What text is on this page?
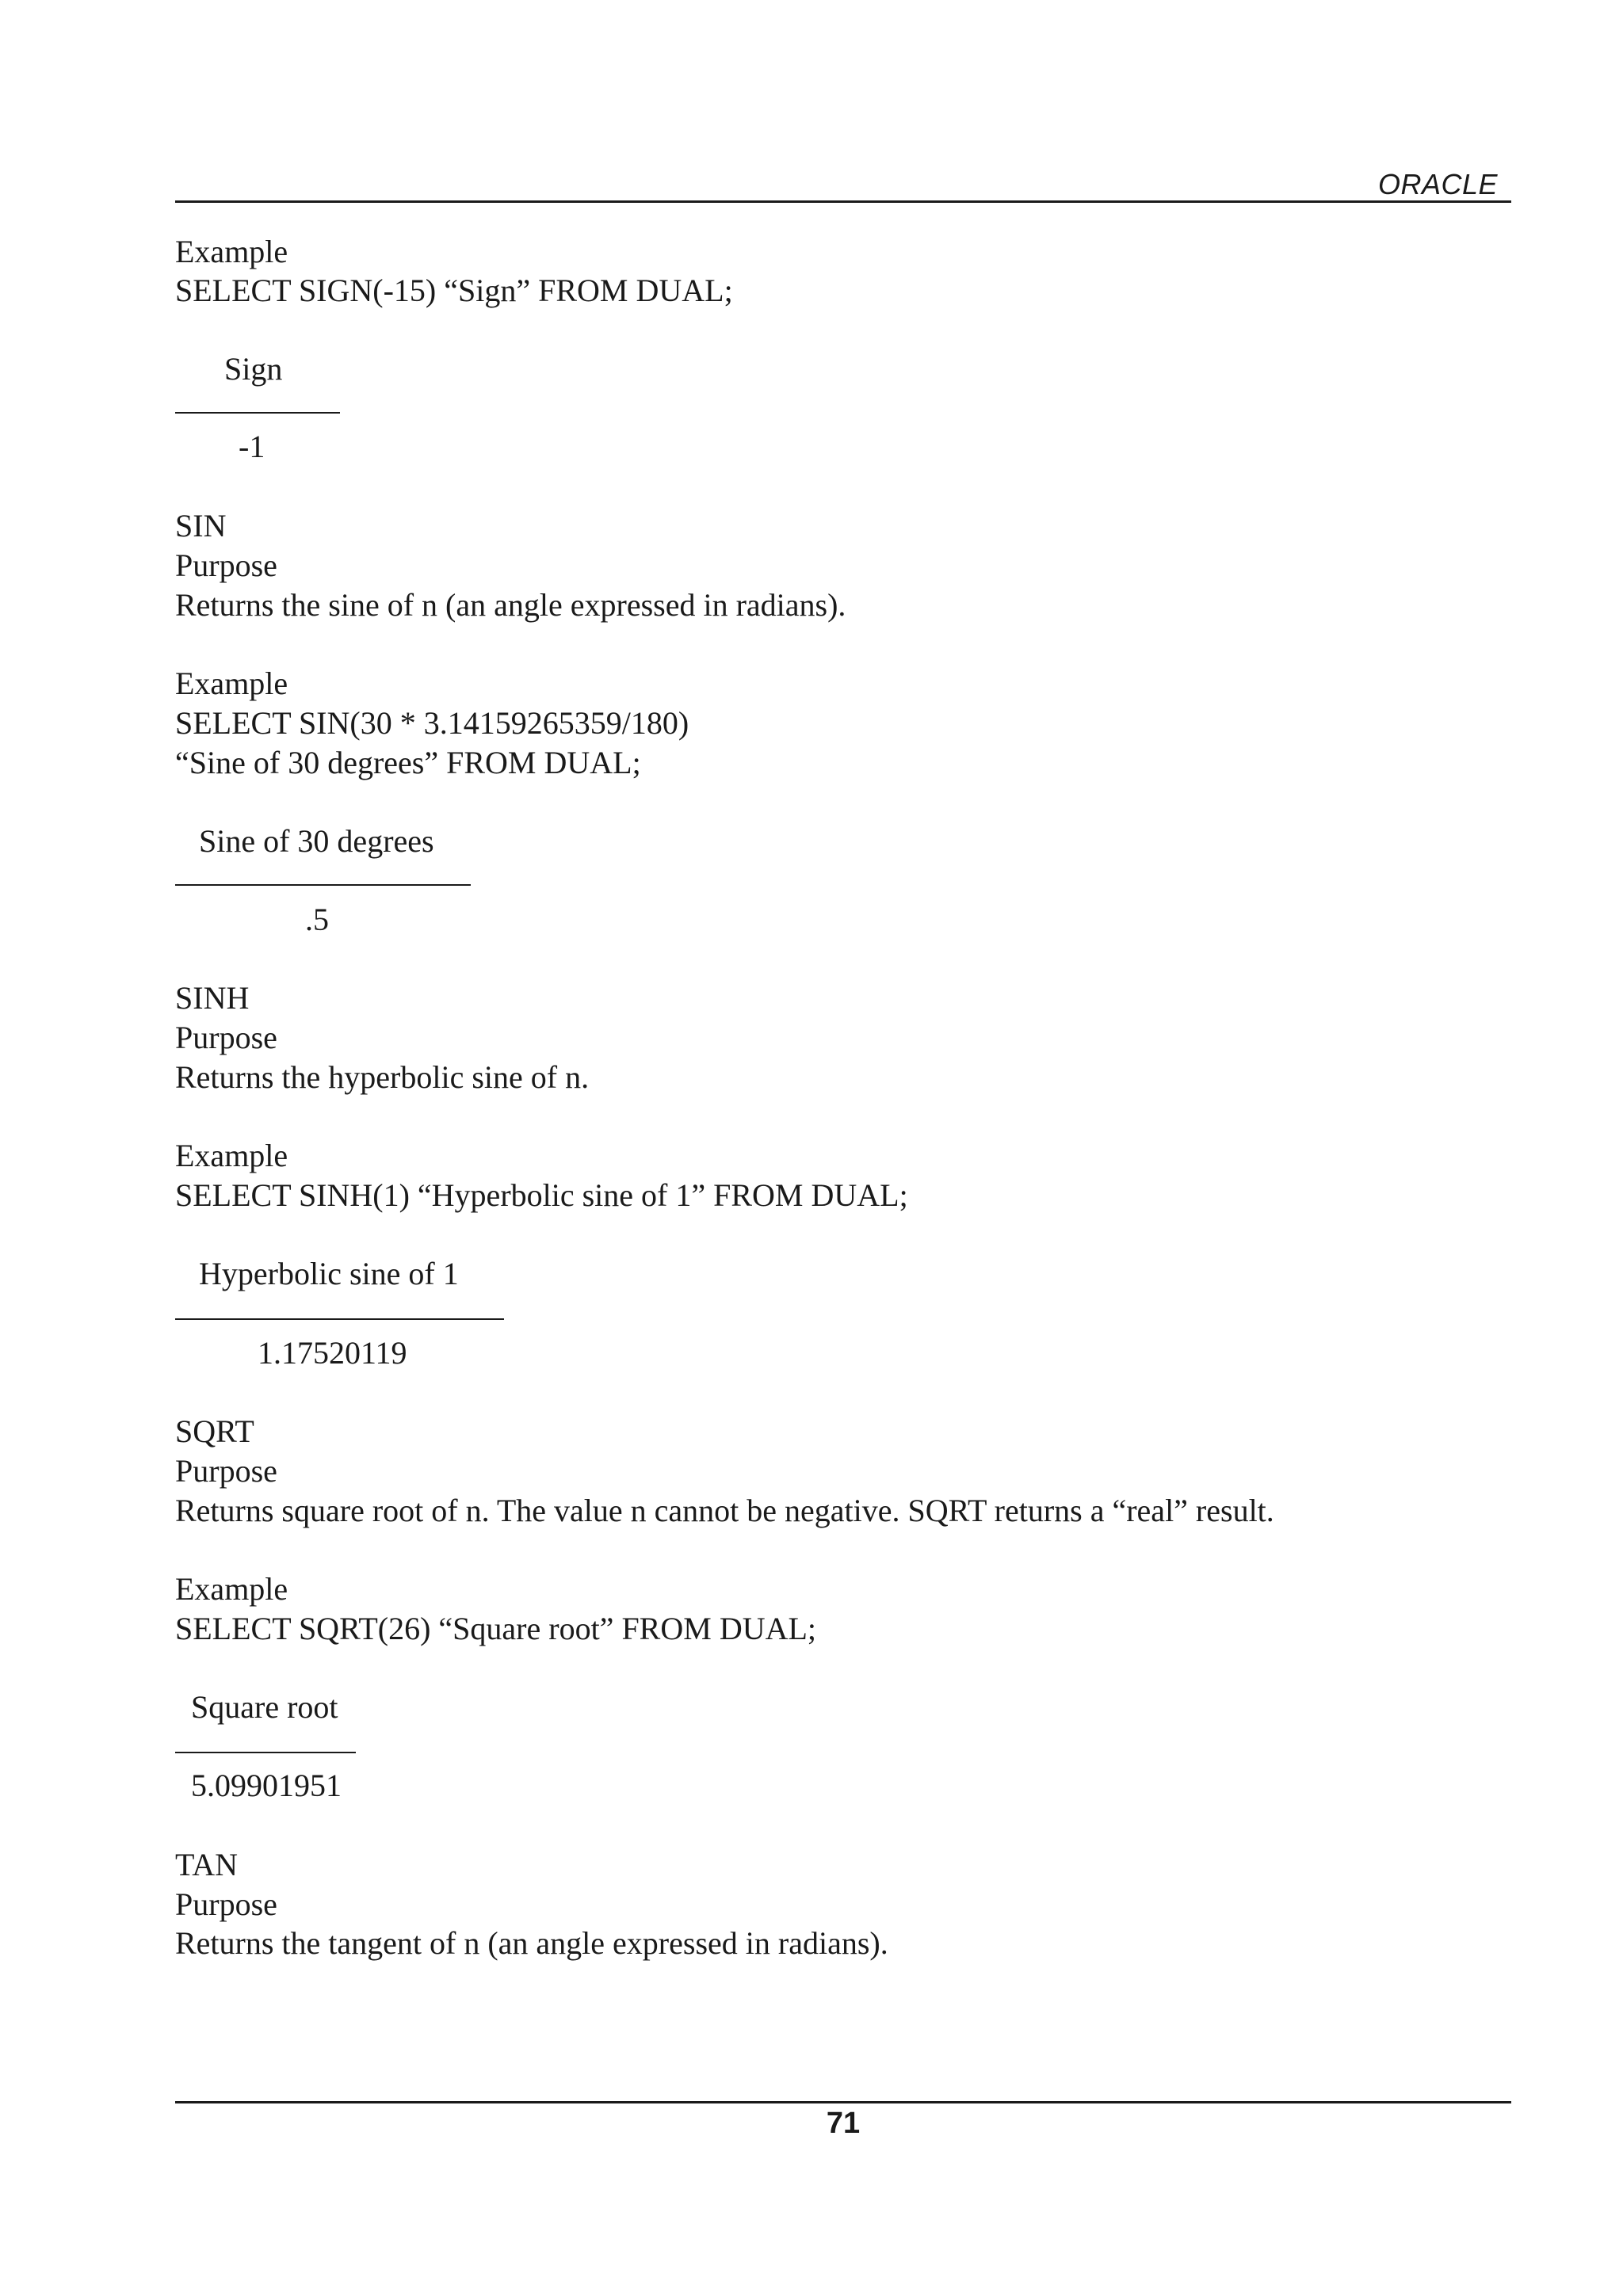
ORACLE
Example
SELECT SIGN(-15) “Sign” FROM DUAL;
Sign
-1
SIN
Purpose
Returns the sine of n (an angle expressed in radians).
Example
SELECT SIN(30 * 3.14159265359/180)
“Sine of 30 degrees” FROM DUAL;
Sine of 30 degrees
.5
SINH
Purpose
Returns the hyperbolic sine of n.
Example
SELECT SINH(1) “Hyperbolic sine of 1” FROM DUAL;
Hyperbolic sine of 1
1.17520119
SQRT
Purpose
Returns square root of n. The value n cannot be negative. SQRT returns a “real” result.
Example
SELECT SQRT(26) “Square root” FROM DUAL;
Square root
5.09901951
TAN
Purpose
Returns the tangent of n (an angle expressed in radians).
71
